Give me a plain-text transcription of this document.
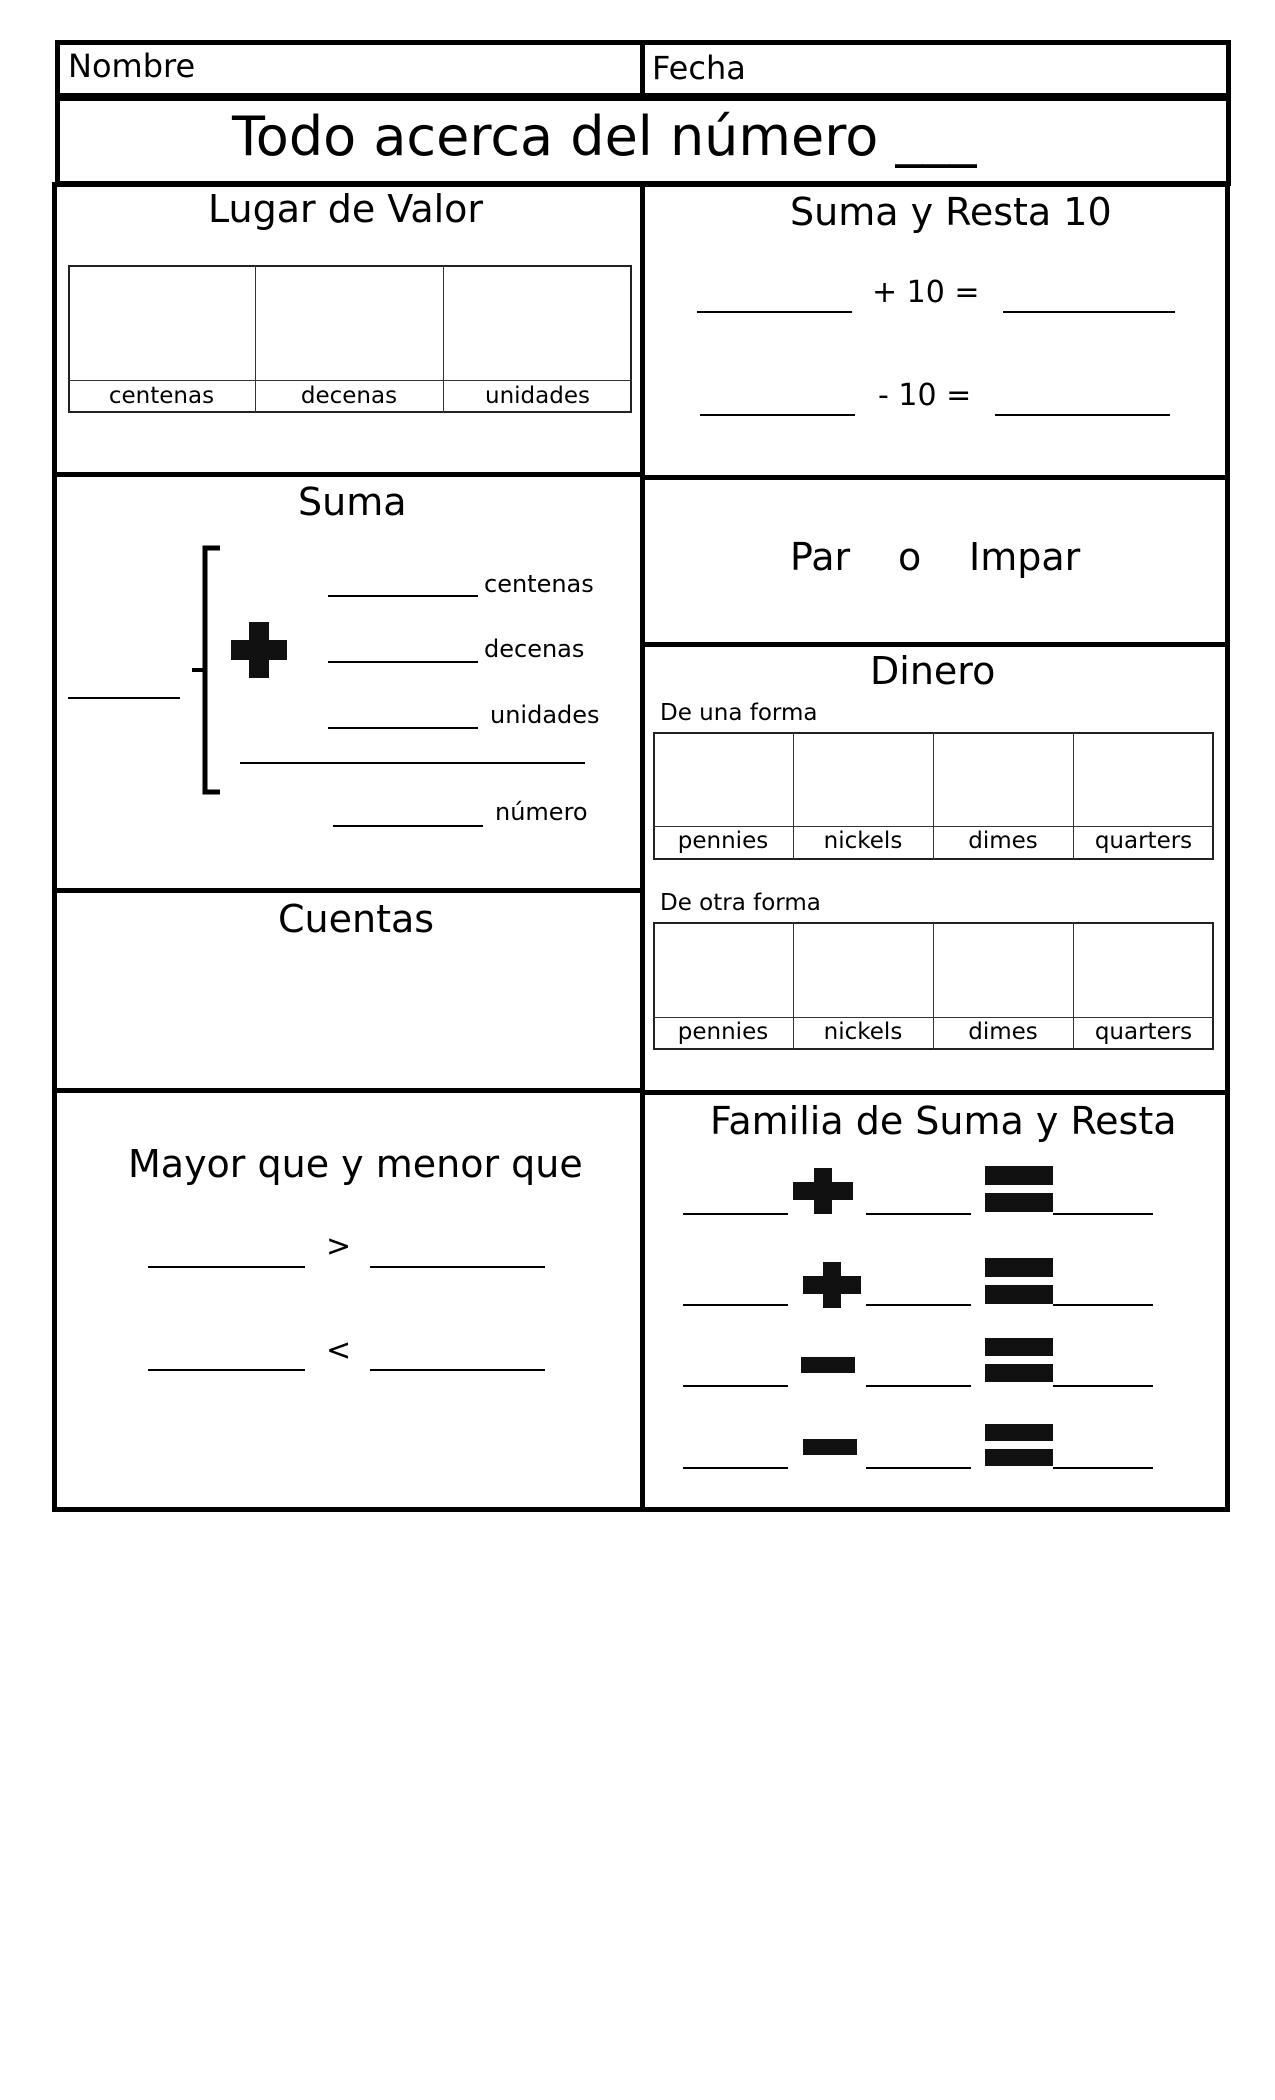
Nombre	Fecha
Todo acerca del número ___
Lugar de Valor
centenas	decenas	unidades
Suma y Resta 10
+ 10 =
- 10 =
Suma
centenas
decenas
unidades
número
Par o Impar
Dinero
De una forma
pennies	nickels	dimes	quarters
De otra forma
pennies	nickels	dimes	quarters
Cuentas
Mayor que y menor que
>
<
Familia de Suma y Resta
